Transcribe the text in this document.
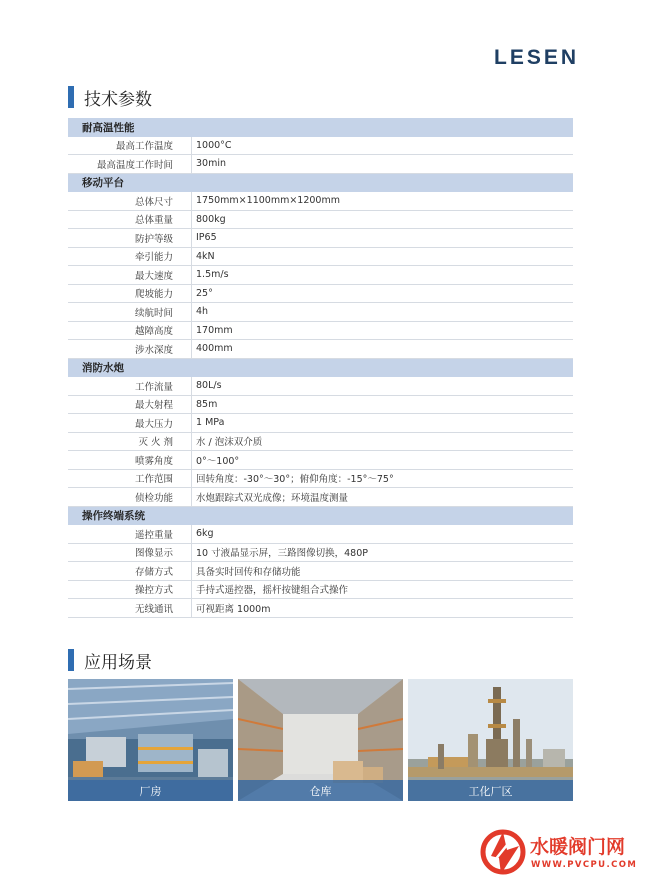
LESEN
技术参数
耐高温性能
最高工作温度	1000°C
最高温度工作时间	30min
移动平台
总体尺寸	1750mm×1100mm×1200mm
总体重量	800kg
防护等级	IP65
牵引能力	4kN
最大速度	1.5m/s
爬坡能力	25°
续航时间	4h
越障高度	170mm
涉水深度	400mm
消防水炮
工作流量	80L/s
最大射程	85m
最大压力	1 MPa
灭 火 剂	水 / 泡沫双介质
喷雾角度	0°～100°
工作范围	回转角度：-30°～30°；俯仰角度：-15°～75°
侦检功能	水炮跟踪式双光成像；环境温度测量
操作终端系统
遥控重量	6kg
图像显示	10 寸液晶显示屏，三路图像切换，480P
存储方式	具备实时回传和存储功能
操控方式	手持式遥控器，摇杆按键组合式操作
无线通讯	可视距离 1000m
应用场景
厂房	仓库	工化厂区
水暖阀门网
WWW.PVCPU.COM
